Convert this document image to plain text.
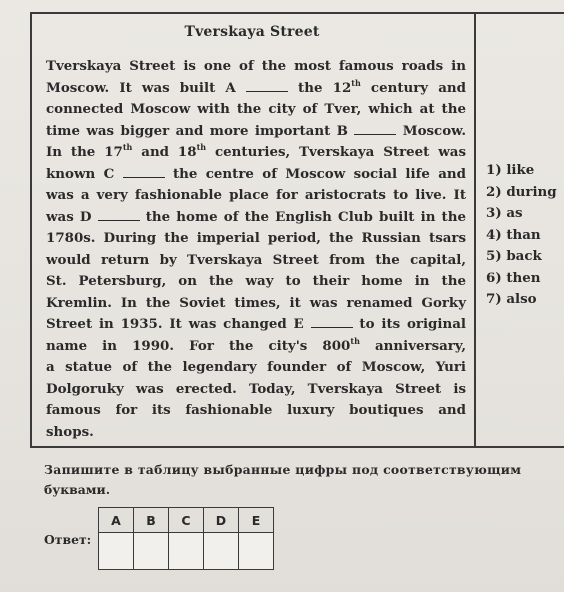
Tverskaya Street
Tverskaya Street is one of the most famous roads in
Moscow. It was built A	the 12th century and
connected Moscow with the city of Tver, which at the
time was bigger and more important B	Moscow.
In the 17th and 18th centuries, Tverskaya Street was
known C	the centre of Moscow social life and
was a very fashionable place for aristocrats to live. It
was D	the home of the English Club built in the
1780s. During the imperial period, the Russian tsars
would return by Tverskaya Street from the capital,
St. Petersburg, on the way to their home in the
Kremlin. In the Soviet times, it was renamed Gorky
Street in 1935. It was changed E	to its original
name in 1990. For the city's 800th anniversary,
a statue of the legendary founder of Moscow, Yuri
Dolgoruky was erected. Today, Tverskaya Street is
famous for its fashionable luxury boutiques and
shops.
1) like
2) during
3) as
4) than
5) back
6) then
7) also
Запишите в таблицу выбранные цифры под соответствующим
буквами.
Ответ:
A	B	C	D	E
